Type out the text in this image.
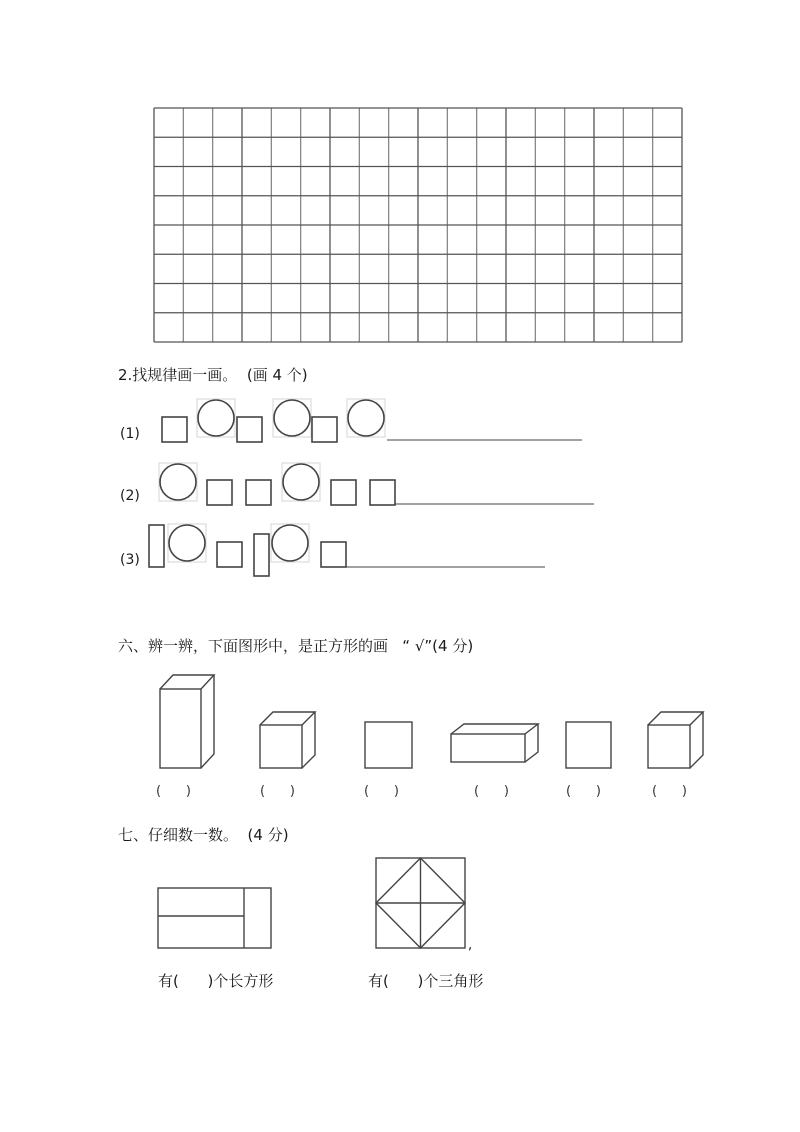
2.找规律画一画。  (画 4 个)
(1)
(2)
(3)
六、辨一辨，下面图形中，是正方形的画   “ √”(4 分)
(      )	(      )	(      )	(      )	(      )	(      )
七、仔细数一数。  (4 分)
,
有(      )个长方形	有(      )个三角形
